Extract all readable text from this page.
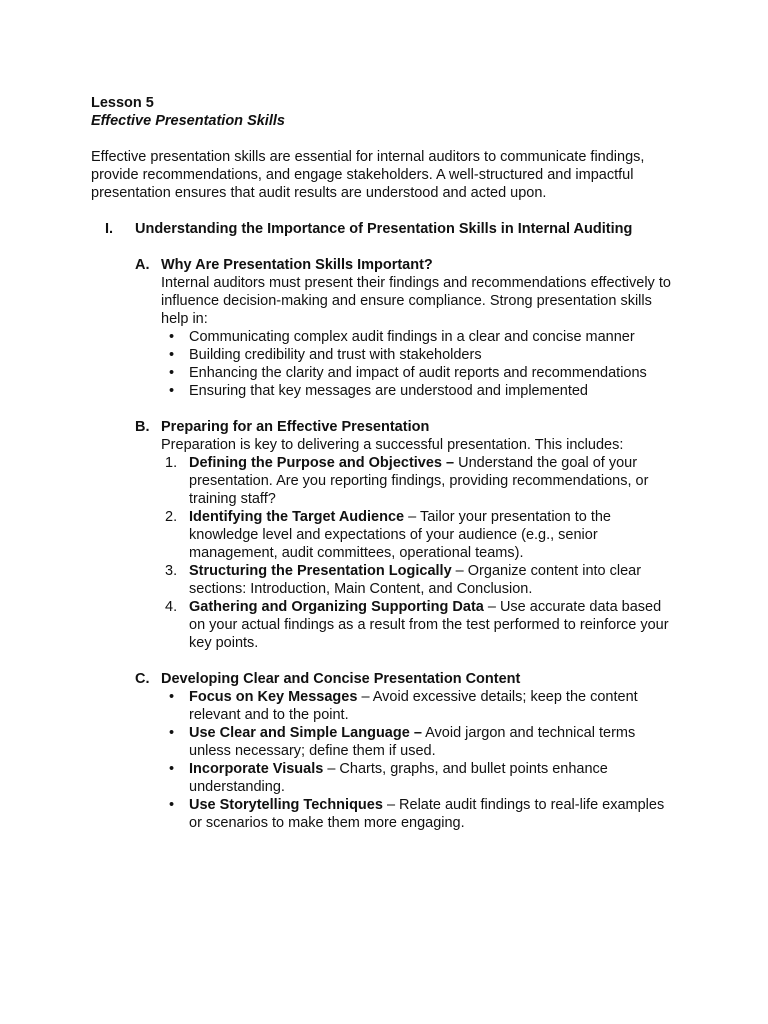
Lesson 5

Effective Presentation Skills

Effective presentation skills are essential for internal auditors to communicate findings, provide recommendations, and engage stakeholders. A well-structured and impactful presentation ensures that audit results are understood and acted upon.

I. Understanding the Importance of Presentation Skills in Internal Auditing

A. Why Are Presentation Skills Important?

Internal auditors must present their findings and recommendations effectively to influence decision-making and ensure compliance. Strong presentation skills help in:

• Communicating complex audit findings in a clear and concise manner
• Building credibility and trust with stakeholders
• Enhancing the clarity and impact of audit reports and recommendations
• Ensuring that key messages are understood and implemented

B. Preparing for an Effective Presentation

Preparation is key to delivering a successful presentation. This includes:

1. Defining the Purpose and Objectives – Understand the goal of your presentation. Are you reporting findings, providing recommendations, or training staff?
2. Identifying the Target Audience – Tailor your presentation to the knowledge level and expectations of your audience (e.g., senior management, audit committees, operational teams).
3. Structuring the Presentation Logically – Organize content into clear sections: Introduction, Main Content, and Conclusion.
4. Gathering and Organizing Supporting Data – Use accurate data based on your actual findings as a result from the test performed to reinforce your key points.

C. Developing Clear and Concise Presentation Content

• Focus on Key Messages – Avoid excessive details; keep the content relevant and to the point.
• Use Clear and Simple Language – Avoid jargon and technical terms unless necessary; define them if used.
• Incorporate Visuals – Charts, graphs, and bullet points enhance understanding.
• Use Storytelling Techniques – Relate audit findings to real-life examples or scenarios to make them more engaging.
